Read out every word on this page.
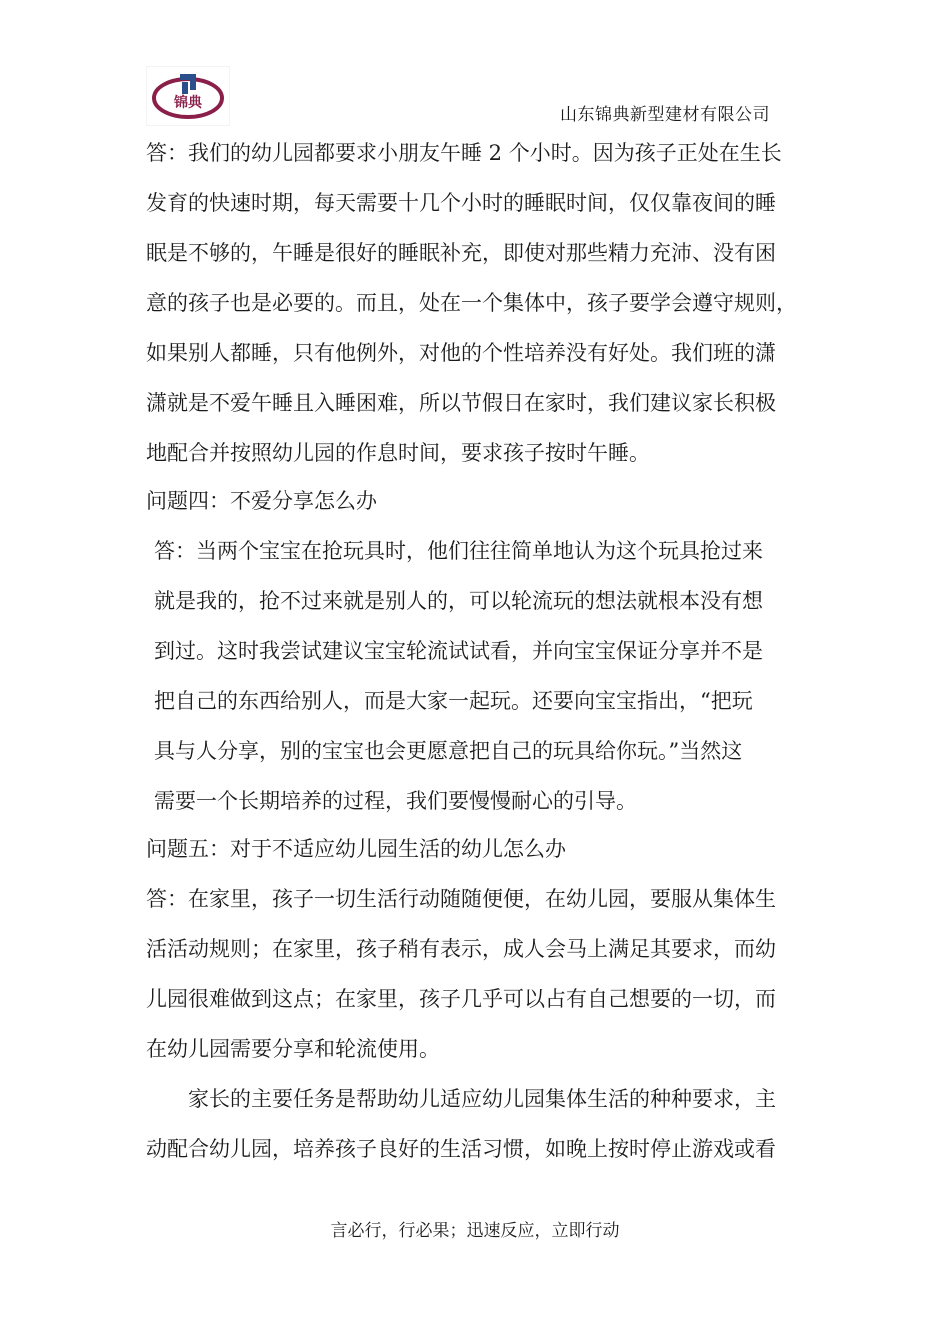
锦典
山东锦典新型建材有限公司
答：我们的幼儿园都要求小朋友午睡 2 个小时。因为孩子正处在生长
发育的快速时期，每天需要十几个小时的睡眠时间，仅仅靠夜间的睡
眠是不够的，午睡是很好的睡眠补充，即使对那些精力充沛、没有困
意的孩子也是必要的。而且，处在一个集体中，孩子要学会遵守规则，
如果别人都睡，只有他例外，对他的个性培养没有好处。我们班的潇
潇就是不爱午睡且入睡困难，所以节假日在家时，我们建议家长积极
地配合并按照幼儿园的作息时间，要求孩子按时午睡。
问题四：不爱分享怎么办
答：当两个宝宝在抢玩具时，他们往往简单地认为这个玩具抢过来
就是我的，抢不过来就是别人的，可以轮流玩的想法就根本没有想
到过。这时我尝试建议宝宝轮流试试看，并向宝宝保证分享并不是
把自己的东西给别人，而是大家一起玩。还要向宝宝指出，“把玩
具与人分享，别的宝宝也会更愿意把自己的玩具给你玩。”当然这
需要一个长期培养的过程，我们要慢慢耐心的引导。
问题五：对于不适应幼儿园生活的幼儿怎么办
答：在家里，孩子一切生活行动随随便便，在幼儿园，要服从集体生
活活动规则；在家里，孩子稍有表示，成人会马上满足其要求，而幼
儿园很难做到这点；在家里，孩子几乎可以占有自己想要的一切，而
在幼儿园需要分享和轮流使用。
家长的主要任务是帮助幼儿适应幼儿园集体生活的种种要求，主
动配合幼儿园，培养孩子良好的生活习惯，如晚上按时停止游戏或看
言必行，行必果；迅速反应，立即行动
